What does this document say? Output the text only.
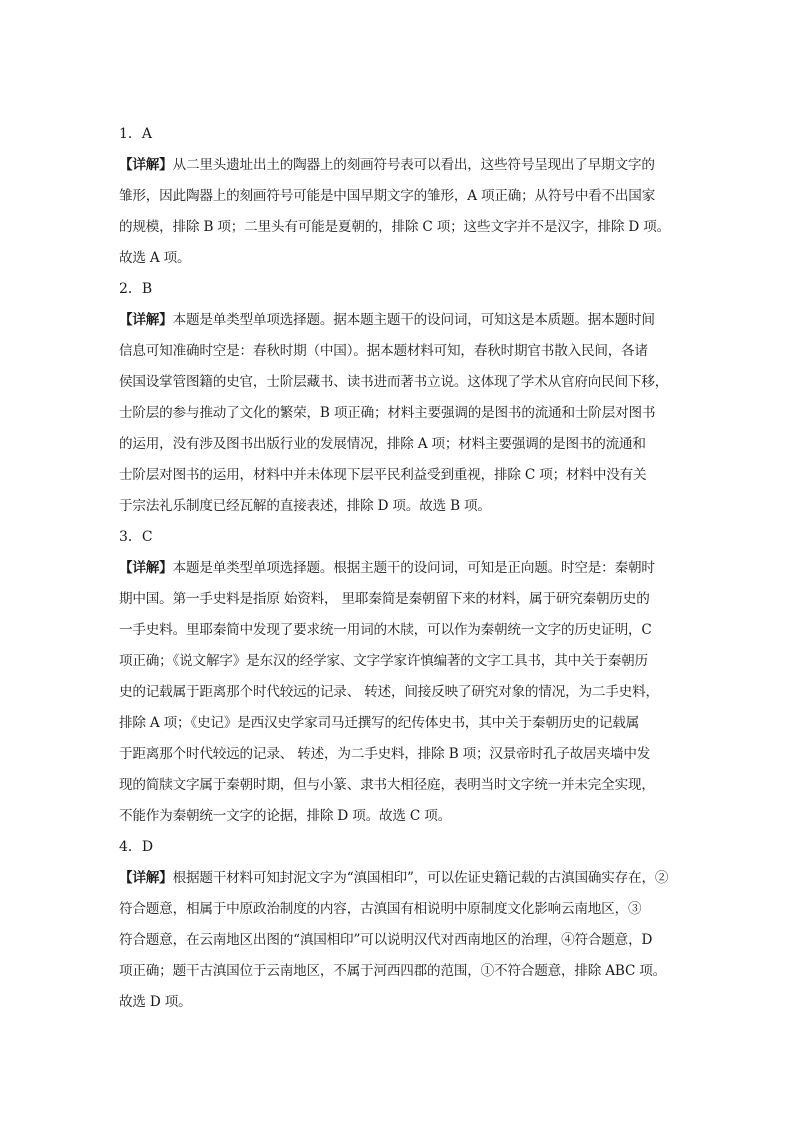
1．A
【详解】从二里头遗址出土的陶器上的刻画符号表可以看出，这些符号呈现出了早期文字的
雏形，因此陶器上的刻画符号可能是中国早期文字的雏形，A 项正确；从符号中看不出国家
的规模，排除 B 项；二里头有可能是夏朝的，排除 C 项；这些文字并不是汉字，排除 D 项。
故选 A 项。
2．B
【详解】本题是单类型单项选择题。据本题主题干的设问词，可知这是本质题。据本题时间
信息可知准确时空是：春秋时期（中国）。据本题材料可知，春秋时期官书散入民间，各诸
侯国设掌管图籍的史官，士阶层藏书、读书进而著书立说。这体现了学术从官府向民间下移，
士阶层的参与推动了文化的繁荣，B 项正确；材料主要强调的是图书的流通和士阶层对图书
的运用，没有涉及图书出版行业的发展情况，排除 A 项；材料主要强调的是图书的流通和
士阶层对图书的运用，材料中并未体现下层平民利益受到重视，排除 C 项；材料中没有关
于宗法礼乐制度已经瓦解的直接表述，排除 D 项。故选 B 项。
3．C
【详解】本题是单类型单项选择题。根据主题干的设问词，可知是正向题。时空是：秦朝时
期中国。第一手史料是指原 始资料， 里耶秦简是秦朝留下来的材料，属于研究秦朝历史的
一手史料。里耶秦简中发现了要求统一用词的木牍，可以作为秦朝统一文字的历史证明，C
项正确；《说文解字》是东汉的经学家、文字学家许慎编著的文字工具书，其中关于秦朝历
史的记载属于距离那个时代较远的记录、 转述，间接反映了研究对象的情况，为二手史料，
排除 A 项；《史记》是西汉史学家司马迁撰写的纪传体史书，其中关于秦朝历史的记载属
于距离那个时代较远的记录、 转述，为二手史料，排除 B 项；汉景帝时孔子故居夹墙中发
现的简牍文字属于秦朝时期，但与小篆、隶书大相径庭，表明当时文字统一并未完全实现，
不能作为秦朝统一文字的论据，排除 D 项。故选 C 项。
4．D
【详解】根据题干材料可知封泥文字为“滇国相印”，可以佐证史籍记载的古滇国确实存在，②
符合题意，相属于中原政治制度的内容，古滇国有相说明中原制度文化影响云南地区，③
符合题意，在云南地区出图的“滇国相印”可以说明汉代对西南地区的治理，④符合题意，D
项正确；题干古滇国位于云南地区，不属于河西四郡的范围，①不符合题意，排除 ABC 项。
故选 D 项。
